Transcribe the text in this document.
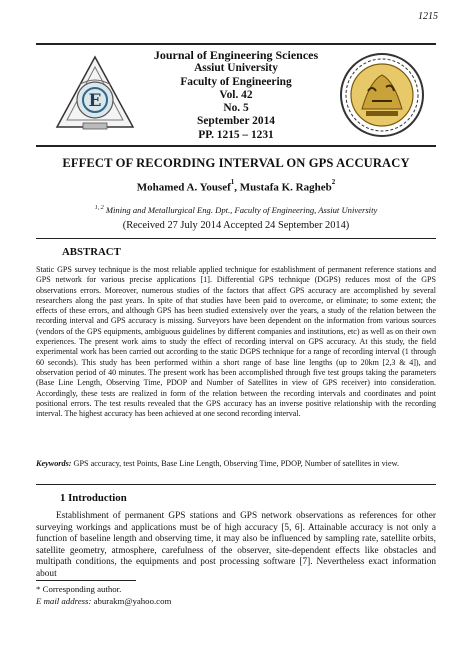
1215
E
Journal of Engineering Sciences
Assiut University
Faculty of Engineering
Vol. 42
No. 5
September 2014
PP. 1215 – 1231
EFFECT OF RECORDING INTERVAL ON GPS ACCURACY
Mohamed A. Yousef$^1$, Mustafa K. Ragheb$^2$
$^{1, 2}$ Mining and Metallurgical Eng. Dpt., Faculty of Engineering, Assiut University
(Received 27 July 2014 Accepted 24 September 2014)
ABSTRACT

Static GPS survey technique is the most reliable applied technique for establishment of permanent reference stations and GPS network for various precise applications [1]. Differential GPS technique (DGPS) reduces most of the GPS observations errors. Moreover, numerous studies of the factors that affect GPS accuracy are accomplished by several researchers along the past years. In spite of that studies have been paid to overcome, or eliminate; to some extent; the effects of these errors, and although GPS has been studied extensively over the years, a study of the relation between the recording interval and GPS accuracy is missing. Surveyors have been dependent on the information from various sources (vendors of the GPS equipments, ambiguous guidelines by different companies and institutions, etc) as well as on their own experiences. The present work aims to study the effect of recording interval on GPS accuracy. At this study, the field experimental work has been carried out according to the static DGPS technique for a range of recording interval (1 through 60 seconds). This study has been performed within a short range of base line lengths (up to 20km [2,3 & 4]), and observation period of 40 minutes. The present work has been accomplished through five test groups taking the parameters (Base Line Length, Observing Time, PDOP and Number of Satellites in view of GPS receiver) into consideration. Accordingly, these tests are realized in form of the relation between the recording intervals and coordinates and point positional errors. The test results revealed that the GPS accuracy has an inverse positive relationship with the recording interval. The highest accuracy has been achieved at one second recording interval.

Keywords: GPS accuracy, test Points, Base Line Length, Observing Time, PDOP, Number of satellites in view.

1 Introduction

Establishment of permanent GPS stations and GPS network observations as references for other surveying workings and applications must be of high accuracy [5, 6]. Attainable accuracy is not only a function of baseline length and observing time, it may also be influenced by sampling rate, satellite orbits, satellite geometry, atmosphere, carefulness of the observer, site-dependent effects like obstacles and multipath conditions, the equipments and post processing software [7]. Nevertheless exact information about

* Corresponding author.
E mail address: aburakm@yahoo.com
